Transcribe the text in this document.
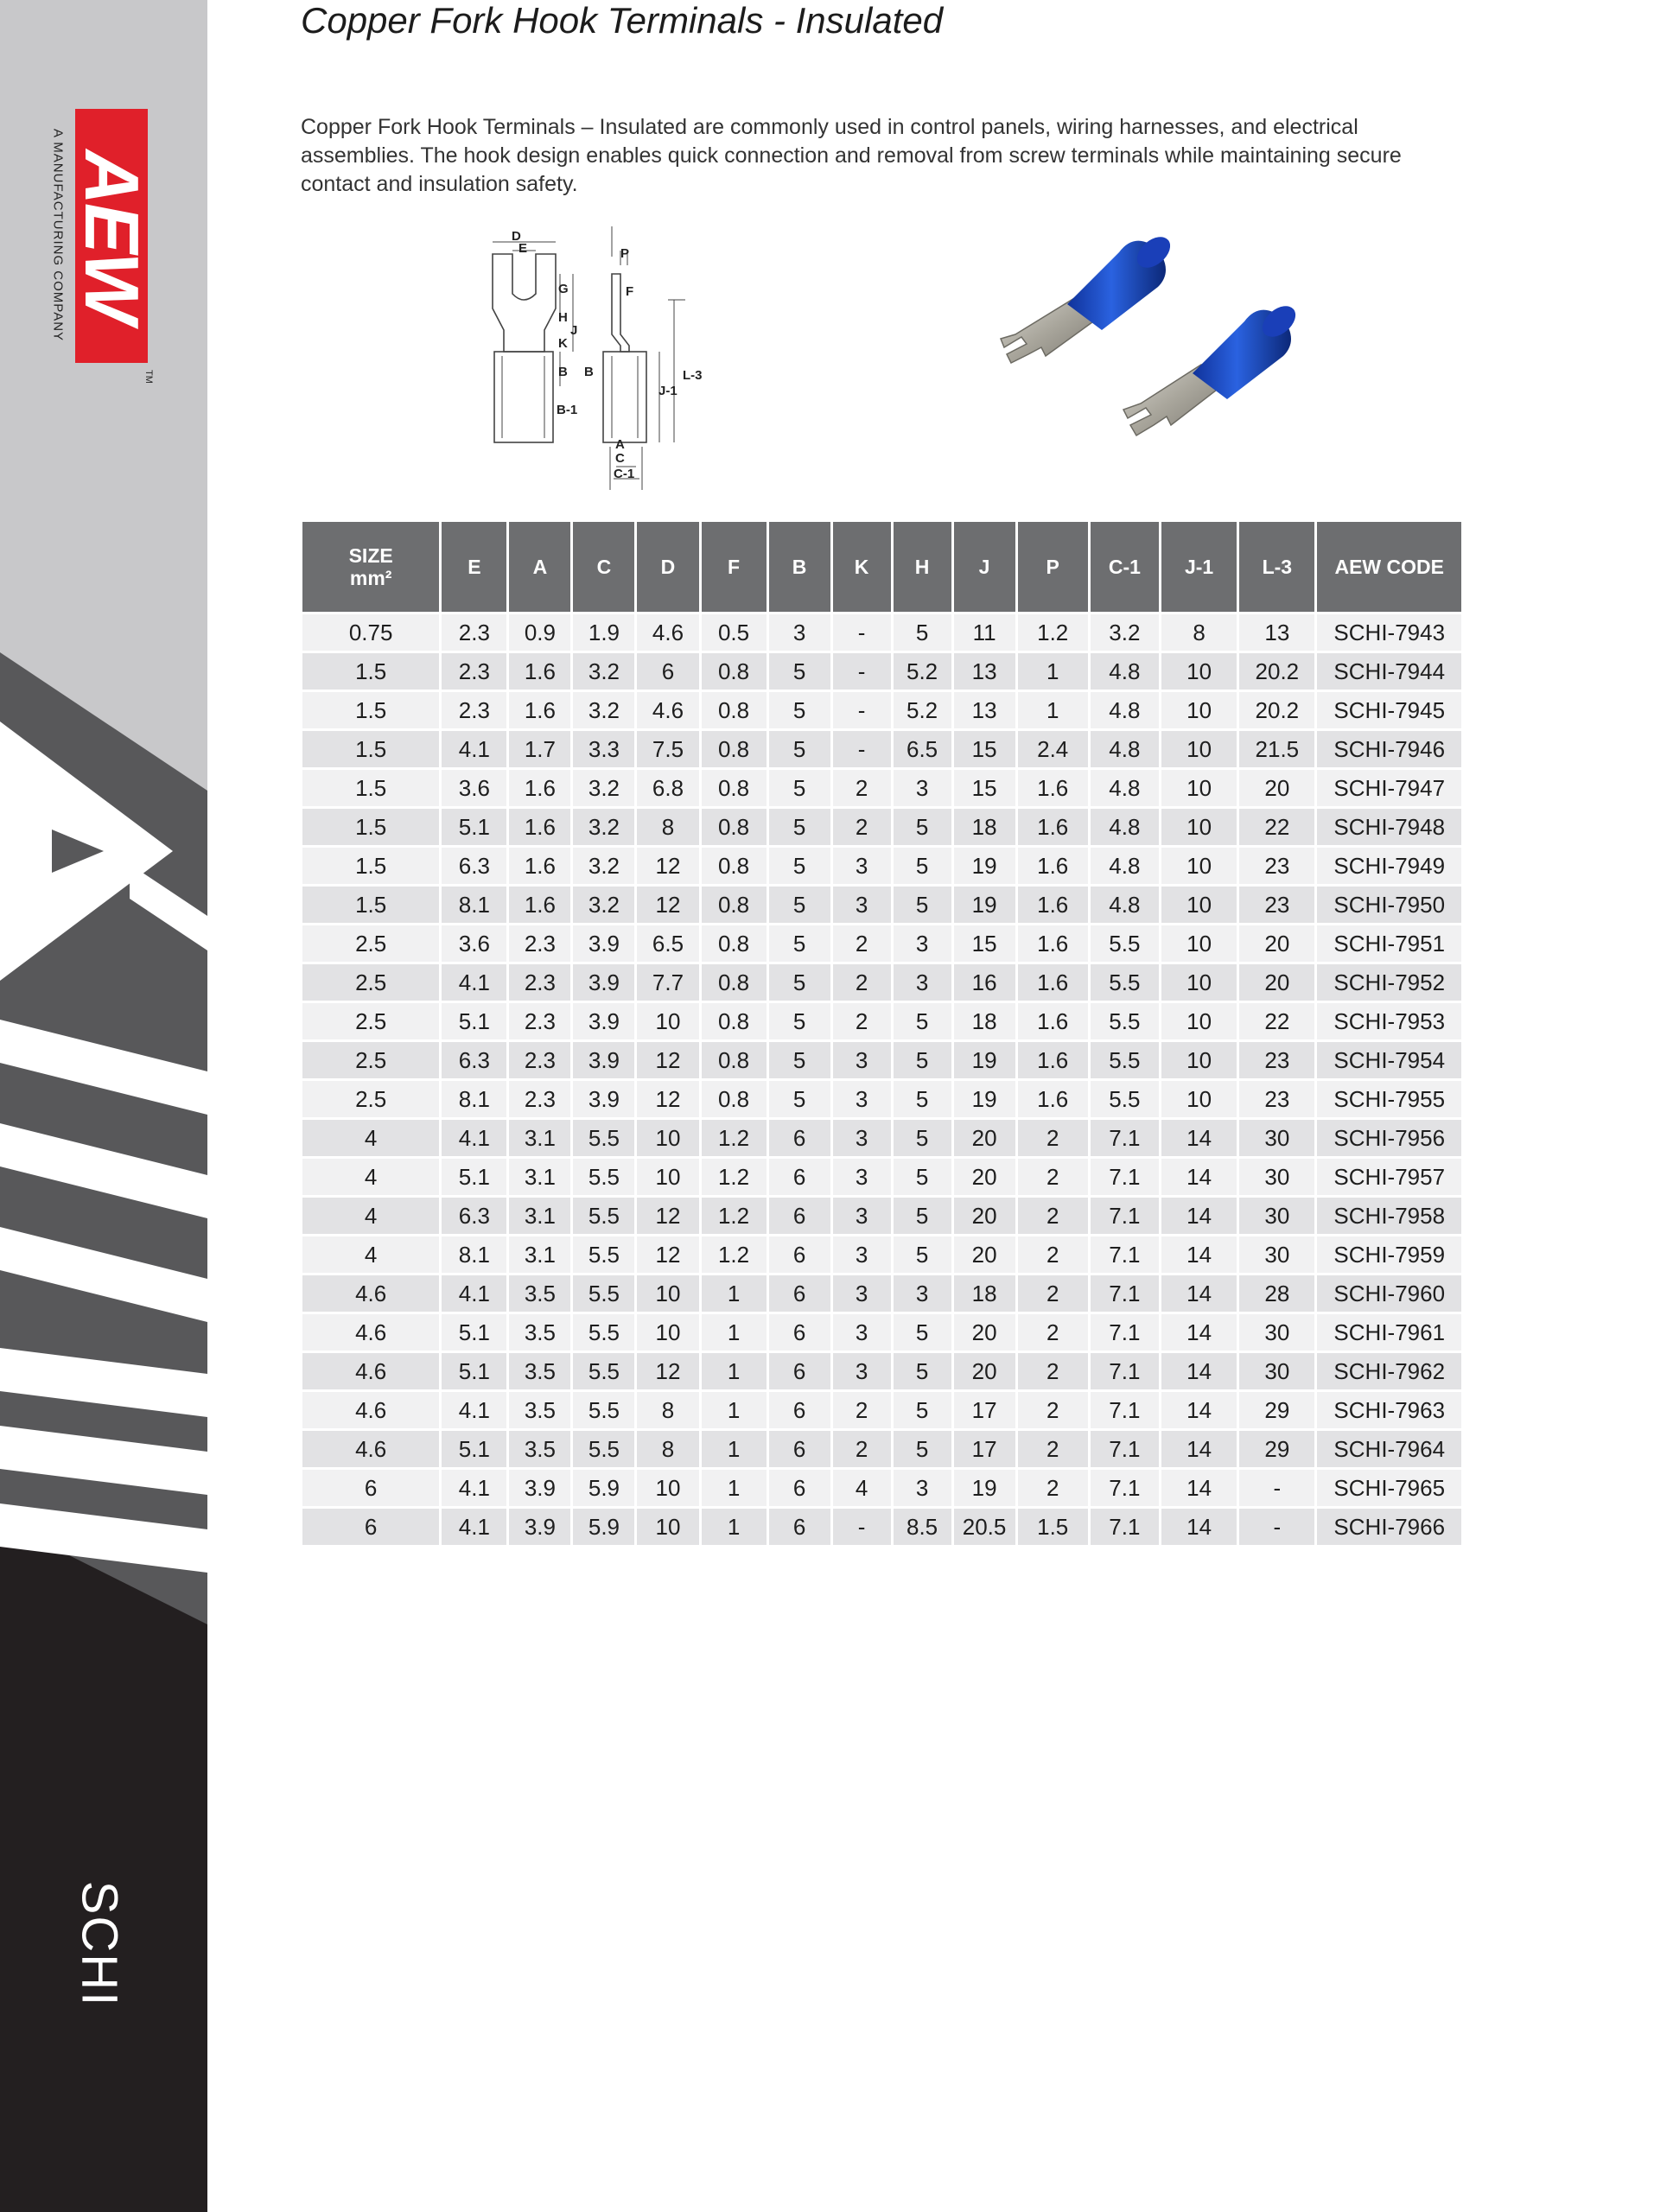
AEW
A MANUFACTURING COMPANY
TM
SCHI
Copper Fork Hook Terminals - Insulated
Copper Fork Hook Terminals – Insulated are commonly used in control panels, wiring harnesses, and electrical assemblies. The hook design enables quick connection and removal from screw terminals while maintaining secure contact and insulation safety.
D
E
G
H
J
K
B
B-1
P
F
B
J-1
L-3
A
C
C-1
SIZE
mm²	E	A	C	D	F	B	K	H	J	P	C-1	J-1	L-3	AEW CODE
0.75	2.3	0.9	1.9	4.6	0.5	3	-	5	11	1.2	3.2	8	13	SCHI-7943
1.5	2.3	1.6	3.2	6	0.8	5	-	5.2	13	1	4.8	10	20.2	SCHI-7944
1.5	2.3	1.6	3.2	4.6	0.8	5	-	5.2	13	1	4.8	10	20.2	SCHI-7945
1.5	4.1	1.7	3.3	7.5	0.8	5	-	6.5	15	2.4	4.8	10	21.5	SCHI-7946
1.5	3.6	1.6	3.2	6.8	0.8	5	2	3	15	1.6	4.8	10	20	SCHI-7947
1.5	5.1	1.6	3.2	8	0.8	5	2	5	18	1.6	4.8	10	22	SCHI-7948
1.5	6.3	1.6	3.2	12	0.8	5	3	5	19	1.6	4.8	10	23	SCHI-7949
1.5	8.1	1.6	3.2	12	0.8	5	3	5	19	1.6	4.8	10	23	SCHI-7950
2.5	3.6	2.3	3.9	6.5	0.8	5	2	3	15	1.6	5.5	10	20	SCHI-7951
2.5	4.1	2.3	3.9	7.7	0.8	5	2	3	16	1.6	5.5	10	20	SCHI-7952
2.5	5.1	2.3	3.9	10	0.8	5	2	5	18	1.6	5.5	10	22	SCHI-7953
2.5	6.3	2.3	3.9	12	0.8	5	3	5	19	1.6	5.5	10	23	SCHI-7954
2.5	8.1	2.3	3.9	12	0.8	5	3	5	19	1.6	5.5	10	23	SCHI-7955
4	4.1	3.1	5.5	10	1.2	6	3	5	20	2	7.1	14	30	SCHI-7956
4	5.1	3.1	5.5	10	1.2	6	3	5	20	2	7.1	14	30	SCHI-7957
4	6.3	3.1	5.5	12	1.2	6	3	5	20	2	7.1	14	30	SCHI-7958
4	8.1	3.1	5.5	12	1.2	6	3	5	20	2	7.1	14	30	SCHI-7959
4.6	4.1	3.5	5.5	10	1	6	3	3	18	2	7.1	14	28	SCHI-7960
4.6	5.1	3.5	5.5	10	1	6	3	5	20	2	7.1	14	30	SCHI-7961
4.6	5.1	3.5	5.5	12	1	6	3	5	20	2	7.1	14	30	SCHI-7962
4.6	4.1	3.5	5.5	8	1	6	2	5	17	2	7.1	14	29	SCHI-7963
4.6	5.1	3.5	5.5	8	1	6	2	5	17	2	7.1	14	29	SCHI-7964
6	4.1	3.9	5.9	10	1	6	4	3	19	2	7.1	14	-	SCHI-7965
6	4.1	3.9	5.9	10	1	6	-	8.5	20.5	1.5	7.1	14	-	SCHI-7966
